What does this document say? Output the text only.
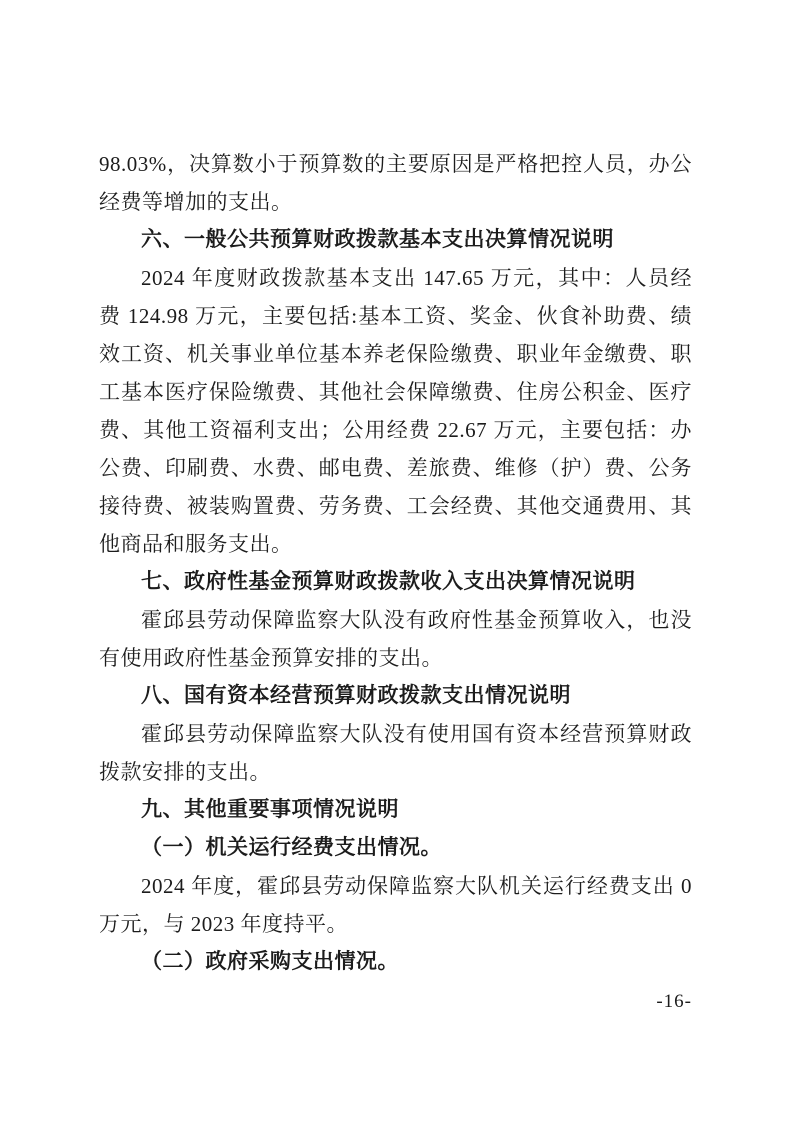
98.03%，决算数小于预算数的主要原因是严格把控人员，办公经费等增加的支出。

六、一般公共预算财政拨款基本支出决算情况说明

2024 年度财政拨款基本支出 147.65 万元，其中：人员经费 124.98 万元，主要包括:基本工资、奖金、伙食补助费、绩效工资、机关事业单位基本养老保险缴费、职业年金缴费、职工基本医疗保险缴费、其他社会保障缴费、住房公积金、医疗费、其他工资福利支出；公用经费 22.67 万元，主要包括：办公费、印刷费、水费、邮电费、差旅费、维修（护）费、公务接待费、被装购置费、劳务费、工会经费、其他交通费用、其他商品和服务支出。

七、政府性基金预算财政拨款收入支出决算情况说明

霍邱县劳动保障监察大队没有政府性基金预算收入，也没有使用政府性基金预算安排的支出。

八、国有资本经营预算财政拨款支出情况说明

霍邱县劳动保障监察大队没有使用国有资本经营预算财政拨款安排的支出。

九、其他重要事项情况说明

（一）机关运行经费支出情况。

2024 年度，霍邱县劳动保障监察大队机关运行经费支出 0 万元，与 2023 年度持平。

（二）政府采购支出情况。

-16-
